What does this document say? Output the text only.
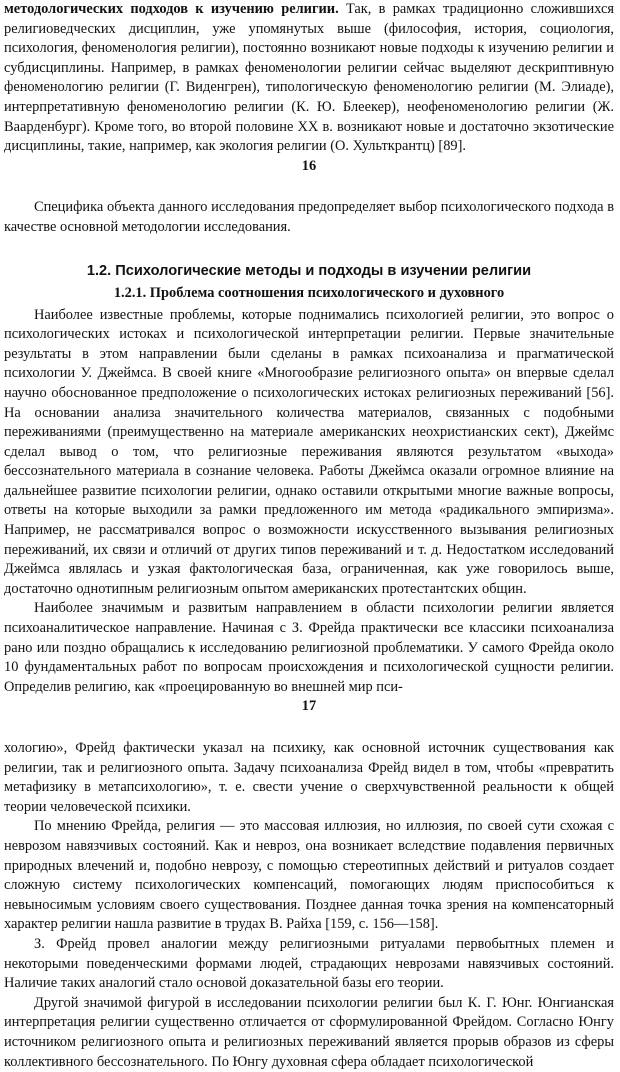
методологических подходов к изучению религии. Так, в рамках традиционно сложившихся религиоведческих дисциплин, уже упомянутых выше (философия, история, социология, психология, феноменология религии), постоянно возникают новые подходы к изучению религии и субдисциплины. Например, в рамках феноменологии религии сейчас выделяют дескриптивную феноменологию религии (Г. Виденгрен), типологическую феноменологию религии (М. Элиаде), интерпретативную феноменологию религии (К. Ю. Блеекер), неофеноменологию религии (Ж. Ваарденбург). Кроме того, во второй половине XX в. возникают новые и достаточно экзотические дисциплины, такие, например, как экология религии (О. Хульткрантц) [89].

16

Специфика объекта данного исследования предопределяет выбор психологического подхода в качестве основной методологии исследования.

1.2. Психологические методы и подходы в изучении религии
1.2.1. Проблема соотношения психологического и духовного

Наиболее известные проблемы, которые поднимались психологией религии, это вопрос о психологических истоках и психологической интерпретации религии. Первые значительные результаты в этом направлении были сделаны в рамках психоанализа и прагматической психологии У. Джеймса. В своей книге «Многообразие религиозного опыта» он впервые сделал научно обоснованное предположение о психологических истоках религиозных переживаний [56]. На основании анализа значительного количества материалов, связанных с подобными переживаниями (преимущественно на материале американских неохристианских сект), Джеймс сделал вывод о том, что религиозные переживания являются результатом «выхода» бессознательного материала в сознание человека. Работы Джеймса оказали огромное влияние на дальнейшее развитие психологии религии, однако оставили открытыми многие важные вопросы, ответы на которые выходили за рамки предложенного им метода «радикального эмпиризма». Например, не рассматривался вопрос о возможности искусственного вызывания религиозных переживаний, их связи и отличий от других типов переживаний и т. д. Недостатком исследований Джеймса являлась и узкая фактологическая база, ограниченная, как уже говорилось выше, достаточно однотипным религиозным опытом американских протестантских общин.

Наиболее значимым и развитым направлением в области психологии религии является психоаналитическое направление. Начиная с З. Фрейда практически все классики психоанализа рано или поздно обращались к исследованию религиозной проблематики. У самого Фрейда около 10 фундаментальных работ по вопросам происхождения и психологической сущности религии. Определив религию, как «проецированную во внешней мир пси-

17

хологию», Фрейд фактически указал на психику, как основной источник существования как религии, так и религиозного опыта. Задачу психоанализа Фрейд видел в том, чтобы «превратить метафизику в метапсихологию», т. е. свести учение о сверхчувственной реальности к общей теории человеческой психики.

По мнению Фрейда, религия — это массовая иллюзия, но иллюзия, по своей сути схожая с неврозом навязчивых состояний. Как и невроз, она возникает вследствие подавления первичных природных влечений и, подобно неврозу, с помощью стереотипных действий и ритуалов создает сложную систему психологических компенсаций, помогающих людям приспособиться к невыносимым условиям своего существования. Позднее данная точка зрения на компенсаторный характер религии нашла развитие в трудах В. Райха [159, с. 156—158].

З. Фрейд провел аналогии между религиозными ритуалами первобытных племен и некоторыми поведенческими формами людей, страдающих неврозами навязчивых состояний. Наличие таких аналогий стало основой доказательной базы его теории.

Другой значимой фигурой в исследовании психологии религии был К. Г. Юнг. Юнгианская интерпретация религии существенно отличается от сформулированной Фрейдом. Согласно Юнгу источником религиозного опыта и религиозных переживаний является прорыв образов из сферы коллективного бессознательного. По Юнгу духовная сфера обладает психологической
